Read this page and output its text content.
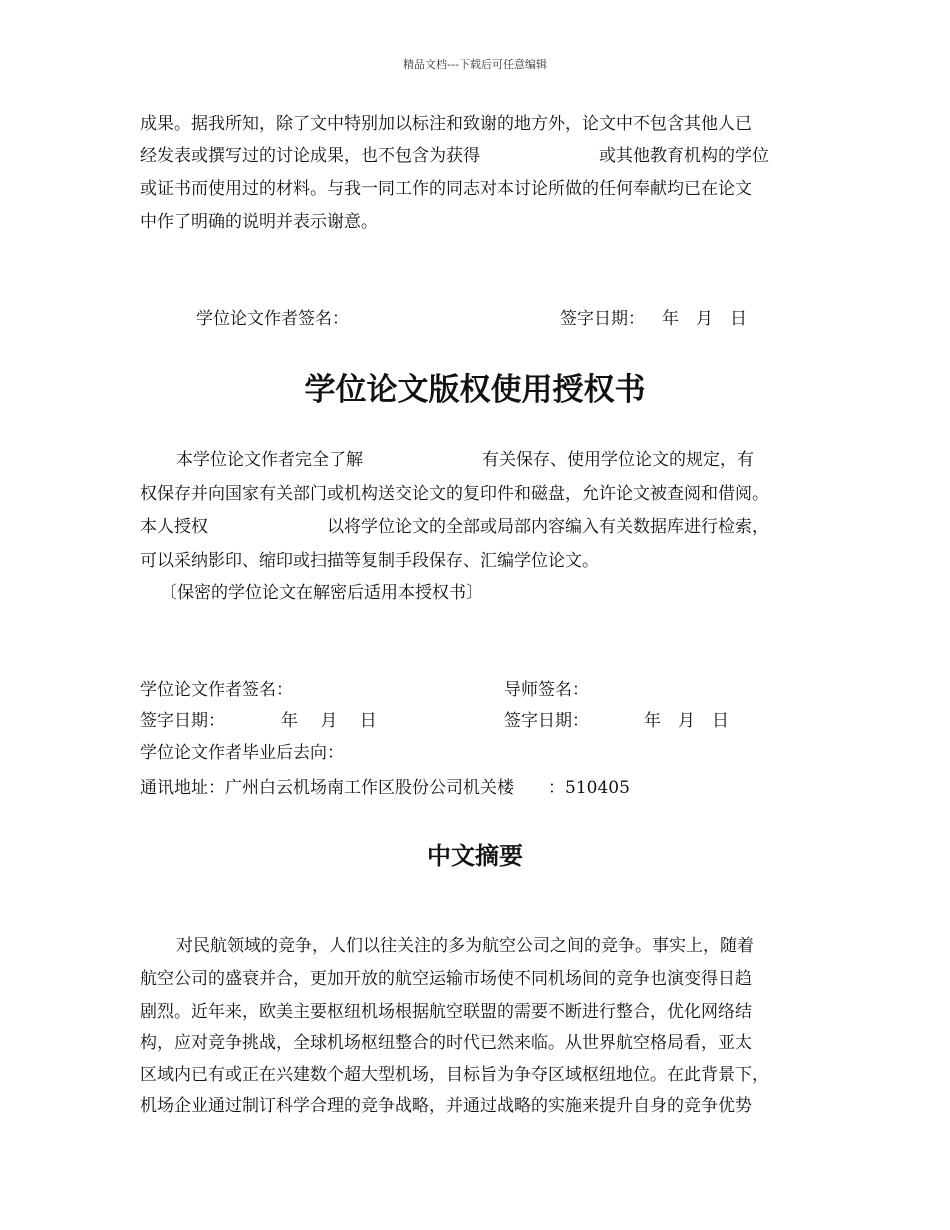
精品文档---下载后可任意编辑
成果。据我所知，除了文中特别加以标注和致谢的地方外，论文中不包含其他人已
经发表或撰写过的讨论成果，也不包含为获得　　　　　　　或其他教育机构的学位
或证书而使用过的材料。与我一同工作的同志对本讨论所做的任何奉献均已在论文
中作了明确的说明并表示谢意。
学位论文作者签名：	签字日期： 年　月　日
学位论文版权使用授权书
本学位论文作者完全了解　　　　　　　有关保存、使用学位论文的规定，有
权保存并向国家有关部门或机构送交论文的复印件和磁盘，允许论文被查阅和借阅。
本人授权　　　　　　　以将学位论文的全部或局部内容编入有关数据库进行检索，
可以采纳影印、缩印或扫描等复制手段保存、汇编学位论文。
〔保密的学位论文在解密后适用本授权书〕
学位论文作者签名：	导师签名：
签字日期：	年　 月　 日	签字日期：	年　月　日
学位论文作者毕业后去向：
通讯地址：广州白云机场南工作区股份公司机关楼　　：510405
中文摘要
对民航领域的竞争，人们以往关注的多为航空公司之间的竞争。事实上，随着
航空公司的盛衰并合，更加开放的航空运输市场使不同机场间的竞争也演变得日趋
剧烈。近年来，欧美主要枢纽机场根据航空联盟的需要不断进行整合，优化网络结
构，应对竞争挑战，全球机场枢纽整合的时代已然来临。从世界航空格局看，亚太
区域内已有或正在兴建数个超大型机场，目标旨为争夺区域枢纽地位。在此背景下，
机场企业通过制订科学合理的竞争战略，并通过战略的实施来提升自身的竞争优势
